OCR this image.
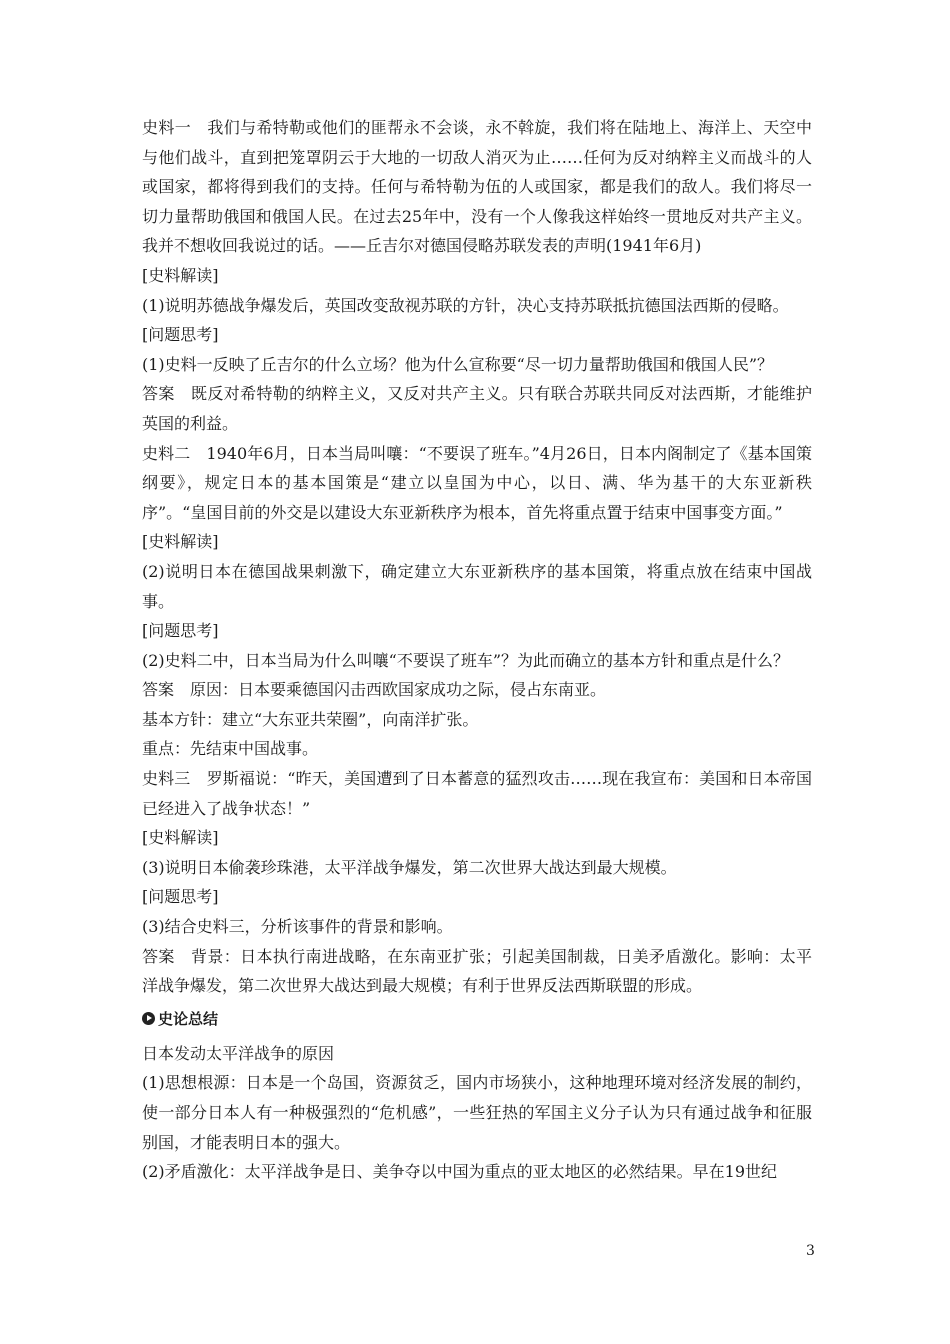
史料一　我们与希特勒或他们的匪帮永不会谈，永不斡旋，我们将在陆地上、海洋上、天空中与他们战斗，直到把笼罩阴云于大地的一切敌人消灭为止……任何为反对纳粹主义而战斗的人或国家，都将得到我们的支持。任何与希特勒为伍的人或国家，都是我们的敌人。我们将尽一切力量帮助俄国和俄国人民。在过去25年中，没有一个人像我这样始终一贯地反对共产主义。我并不想收回我说过的话。——丘吉尔对德国侵略苏联发表的声明(1941年6月)

[史料解读]

(1)说明苏德战争爆发后，英国改变敌视苏联的方针，决心支持苏联抵抗德国法西斯的侵略。

[问题思考]

(1)史料一反映了丘吉尔的什么立场？他为什么宣称要“尽一切力量帮助俄国和俄国人民”？

答案　既反对希特勒的纳粹主义，又反对共产主义。只有联合苏联共同反对法西斯，才能维护英国的利益。

史料二　1940年6月，日本当局叫嚷：“不要误了班车。”4月26日，日本内阁制定了《基本国策纲要》，规定日本的基本国策是“建立以皇国为中心，以日、满、华为基干的大东亚新秩序”。“皇国目前的外交是以建设大东亚新秩序为根本，首先将重点置于结束中国事变方面。”

[史料解读]

(2)说明日本在德国战果刺激下，确定建立大东亚新秩序的基本国策，将重点放在结束中国战事。

[问题思考]

(2)史料二中，日本当局为什么叫嚷“不要误了班车”？为此而确立的基本方针和重点是什么？

答案　原因：日本要乘德国闪击西欧国家成功之际，侵占东南亚。

基本方针：建立“大东亚共荣圈”，向南洋扩张。

重点：先结束中国战事。

史料三　罗斯福说：“昨天，美国遭到了日本蓄意的猛烈攻击……现在我宣布：美国和日本帝国已经进入了战争状态！”

[史料解读]

(3)说明日本偷袭珍珠港，太平洋战争爆发，第二次世界大战达到最大规模。

[问题思考]

(3)结合史料三，分析该事件的背景和影响。

答案　背景：日本执行南进战略，在东南亚扩张；引起美国制裁，日美矛盾激化。影响：太平洋战争爆发，第二次世界大战达到最大规模；有利于世界反法西斯联盟的形成。

史论总结

日本发动太平洋战争的原因

(1)思想根源：日本是一个岛国，资源贫乏，国内市场狭小，这种地理环境对经济发展的制约，使一部分日本人有一种极强烈的“危机感”，一些狂热的军国主义分子认为只有通过战争和征服别国，才能表明日本的强大。

(2)矛盾激化：太平洋战争是日、美争夺以中国为重点的亚太地区的必然结果。早在19世纪

3
